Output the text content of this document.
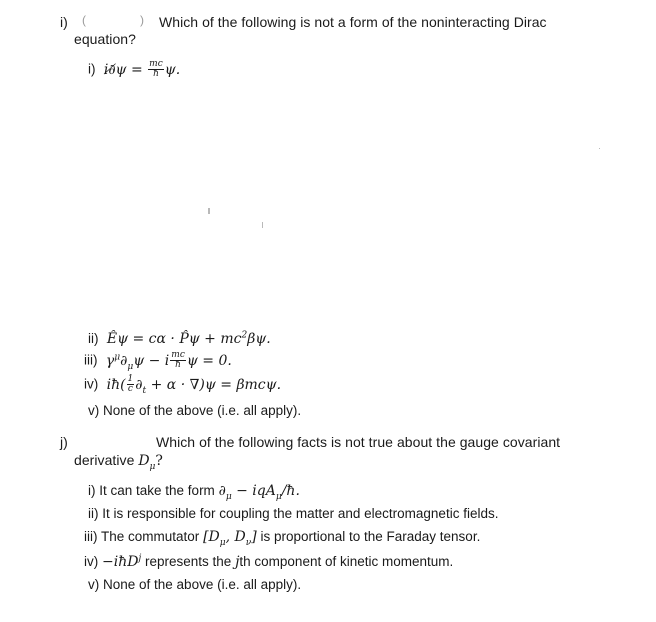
i) (	) Which of the following is not a form of the noninteracting Dirac
equation?
i)  i∂̸ψ = $\frac{mc}{ħ} \psi$.
ii)  Êψ = cα · P̂ψ + $mc^2\beta\psi$.
iii)  $\gamma^\mu\partial_\mu\psi - i \frac{mc}{ħ}$ ψ = 0.
iv)  iħ( $\frac{1}{c} \partial_t + \alpha \cdot \nabla)\psi = \beta mc\psi$.
v) None of the above (i.e. all apply).
j)	Which of the following facts is not true about the gauge covariant
derivative $D_\mu$?
i) It can take the form $\partial_\mu$ − iqA$_\mu$/ħ.
ii) It is responsible for coupling the matter and electromagnetic fields.
iii) The commutator [$D_\mu$, $D_\nu$] is proportional to the Faraday tensor.
iv) −iħD$^j$ represents the jth component of kinetic momentum.
v) None of the above (i.e. all apply).
